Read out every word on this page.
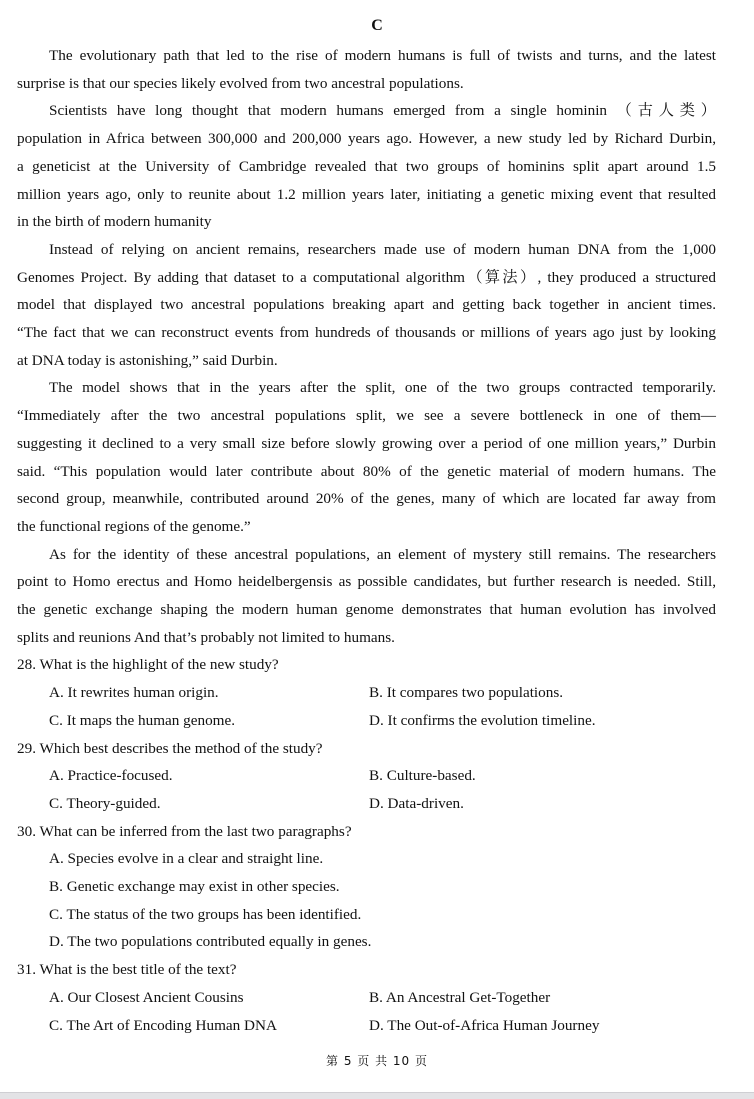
C
The evolutionary path that led to the rise of modern humans is full of twists and turns, and the latest
surprise is that our species likely evolved from two ancestral populations.
Scientists have long thought that modern humans emerged from a single hominin （古人类）
population in Africa between 300,000 and 200,000 years ago. However, a new study led by Richard Durbin,
a geneticist at the University of Cambridge revealed that two groups of hominins split apart around 1.5
million years ago, only to reunite about 1.2 million years later, initiating a genetic mixing event that resulted
in the birth of modern humanity
Instead of relying on ancient remains, researchers made use of modern human DNA from the 1,000
Genomes Project. By adding that dataset to a computational algorithm（算法）, they produced a structured
model that displayed two ancestral populations breaking apart and getting back together in ancient times.
“The fact that we can reconstruct events from hundreds of thousands or millions of years ago just by looking
at DNA today is astonishing,” said Durbin.
The model shows that in the years after the split, one of the two groups contracted temporarily.
“Immediately after the two ancestral populations split, we see a severe bottleneck in one of them—
suggesting it declined to a very small size before slowly growing over a period of one million years,” Durbin
said. “This population would later contribute about 80% of the genetic material of modern humans. The
second group, meanwhile, contributed around 20% of the genes, many of which are located far away from
the functional regions of the genome.”
As for the identity of these ancestral populations, an element of mystery still remains. The researchers
point to Homo erectus and Homo heidelbergensis as possible candidates, but further research is needed. Still,
the genetic exchange shaping the modern human genome demonstrates that human evolution has involved
splits and reunions And that’s probably not limited to humans.
28. What is the highlight of the new study?
A. It rewrites human origin.	B. It compares two populations.
C. It maps the human genome.	D. It confirms the evolution timeline.
29. Which best describes the method of the study?
A. Practice-focused.	B. Culture-based.
C. Theory-guided.	D. Data-driven.
30. What can be inferred from the last two paragraphs?
A. Species evolve in a clear and straight line.
B. Genetic exchange may exist in other species.
C. The status of the two groups has been identified.
D. The two populations contributed equally in genes.
31. What is the best title of the text?
A. Our Closest Ancient Cousins	B. An Ancestral Get-Together
C. The Art of Encoding Human DNA	D. The Out-of-Africa Human Journey
第 5 页 共 10 页
